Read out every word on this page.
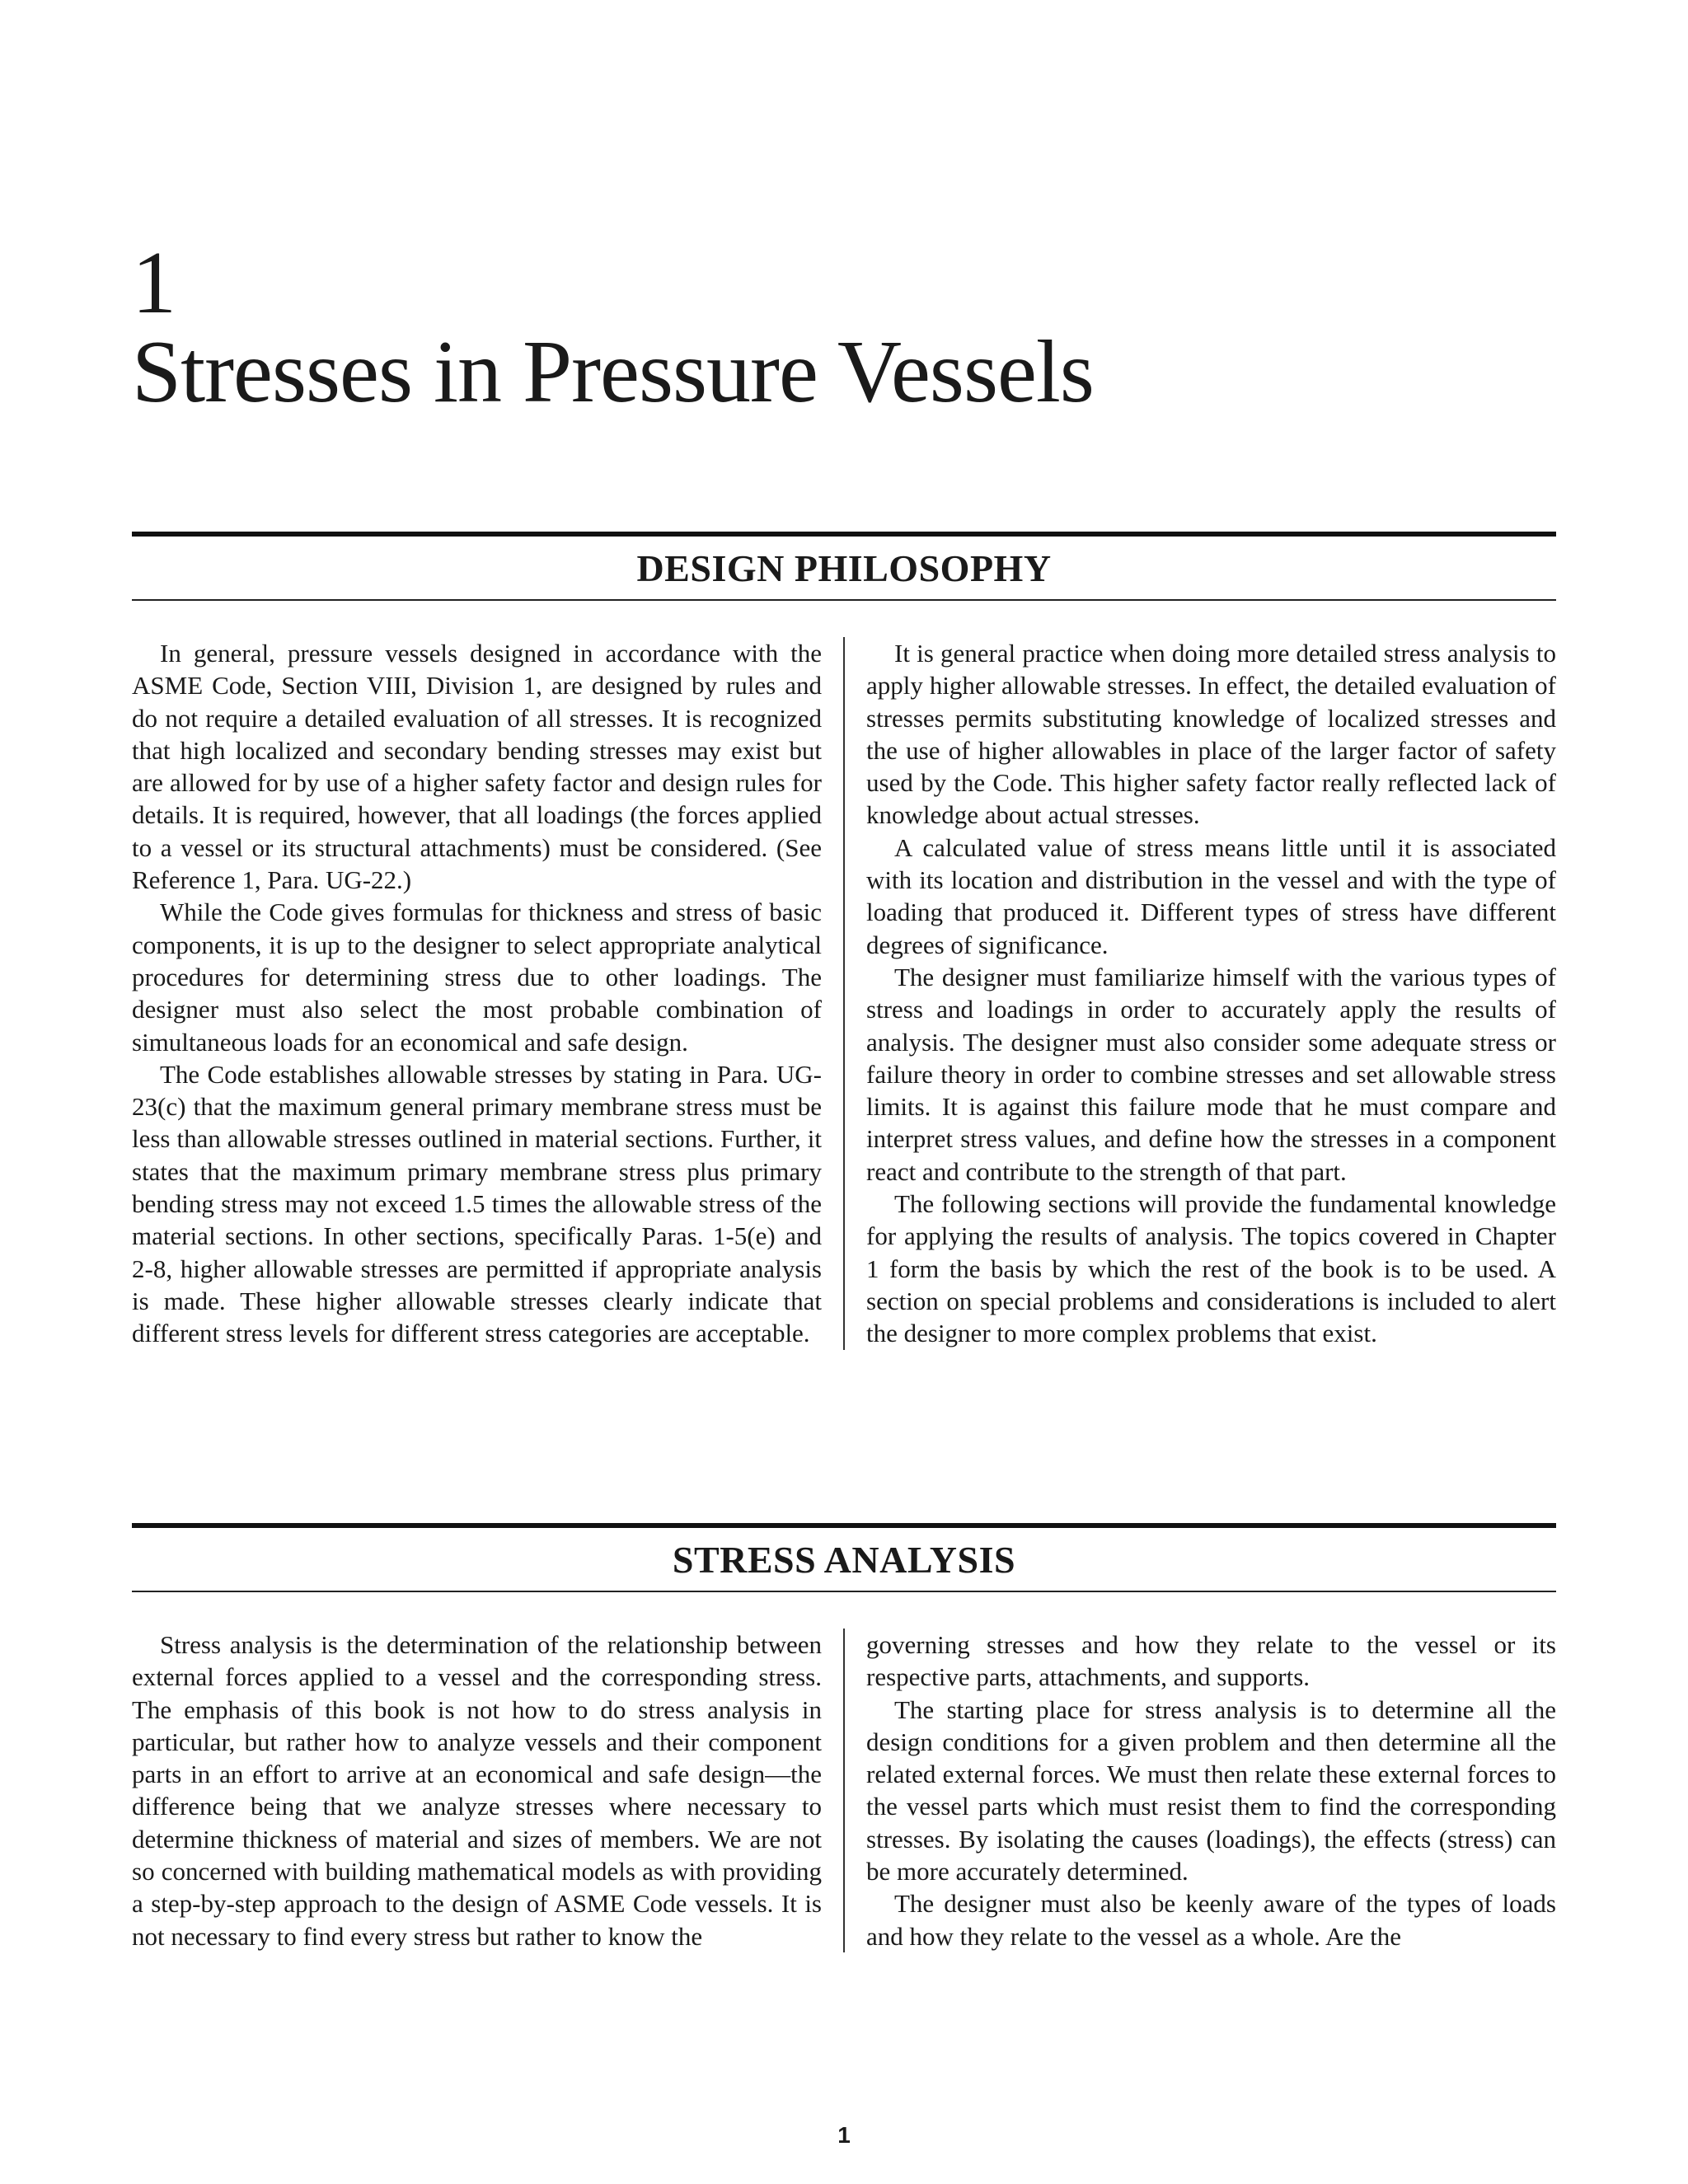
1
Stresses in Pressure Vessels
DESIGN PHILOSOPHY

In general, pressure vessels designed in accordance with the ASME Code, Section VIII, Division 1, are designed by rules and do not require a detailed evaluation of all stresses. It is recognized that high localized and secondary bending stresses may exist but are allowed for by use of a higher safety factor and design rules for details. It is required, however, that all loadings (the forces applied to a vessel or its structural attachments) must be considered. (See Reference 1, Para. UG-22.)

While the Code gives formulas for thickness and stress of basic components, it is up to the designer to select appropriate analytical procedures for determining stress due to other loadings. The designer must also select the most probable combination of simultaneous loads for an economical and safe design.

The Code establishes allowable stresses by stating in Para. UG-23(c) that the maximum general primary membrane stress must be less than allowable stresses outlined in material sections. Further, it states that the maximum primary membrane stress plus primary bending stress may not exceed 1.5 times the allowable stress of the material sections. In other sections, specifically Paras. 1-5(e) and 2-8, higher allowable stresses are permitted if appropriate analysis is made. These higher allowable stresses clearly indicate that different stress levels for different stress categories are acceptable.

It is general practice when doing more detailed stress analysis to apply higher allowable stresses. In effect, the detailed evaluation of stresses permits substituting knowledge of localized stresses and the use of higher allowables in place of the larger factor of safety used by the Code. This higher safety factor really reflected lack of knowledge about actual stresses.

A calculated value of stress means little until it is associated with its location and distribution in the vessel and with the type of loading that produced it. Different types of stress have different degrees of significance.

The designer must familiarize himself with the various types of stress and loadings in order to accurately apply the results of analysis. The designer must also consider some adequate stress or failure theory in order to combine stresses and set allowable stress limits. It is against this failure mode that he must compare and interpret stress values, and define how the stresses in a component react and contribute to the strength of that part.

The following sections will provide the fundamental knowledge for applying the results of analysis. The topics covered in Chapter 1 form the basis by which the rest of the book is to be used. A section on special problems and considerations is included to alert the designer to more complex problems that exist.

STRESS ANALYSIS

Stress analysis is the determination of the relationship between external forces applied to a vessel and the corresponding stress. The emphasis of this book is not how to do stress analysis in particular, but rather how to analyze vessels and their component parts in an effort to arrive at an economical and safe design—the difference being that we analyze stresses where necessary to determine thickness of material and sizes of members. We are not so concerned with building mathematical models as with providing a step-by-step approach to the design of ASME Code vessels. It is not necessary to find every stress but rather to know the

governing stresses and how they relate to the vessel or its respective parts, attachments, and supports.

The starting place for stress analysis is to determine all the design conditions for a given problem and then determine all the related external forces. We must then relate these external forces to the vessel parts which must resist them to find the corresponding stresses. By isolating the causes (loadings), the effects (stress) can be more accurately determined.

The designer must also be keenly aware of the types of loads and how they relate to the vessel as a whole. Are the

1
